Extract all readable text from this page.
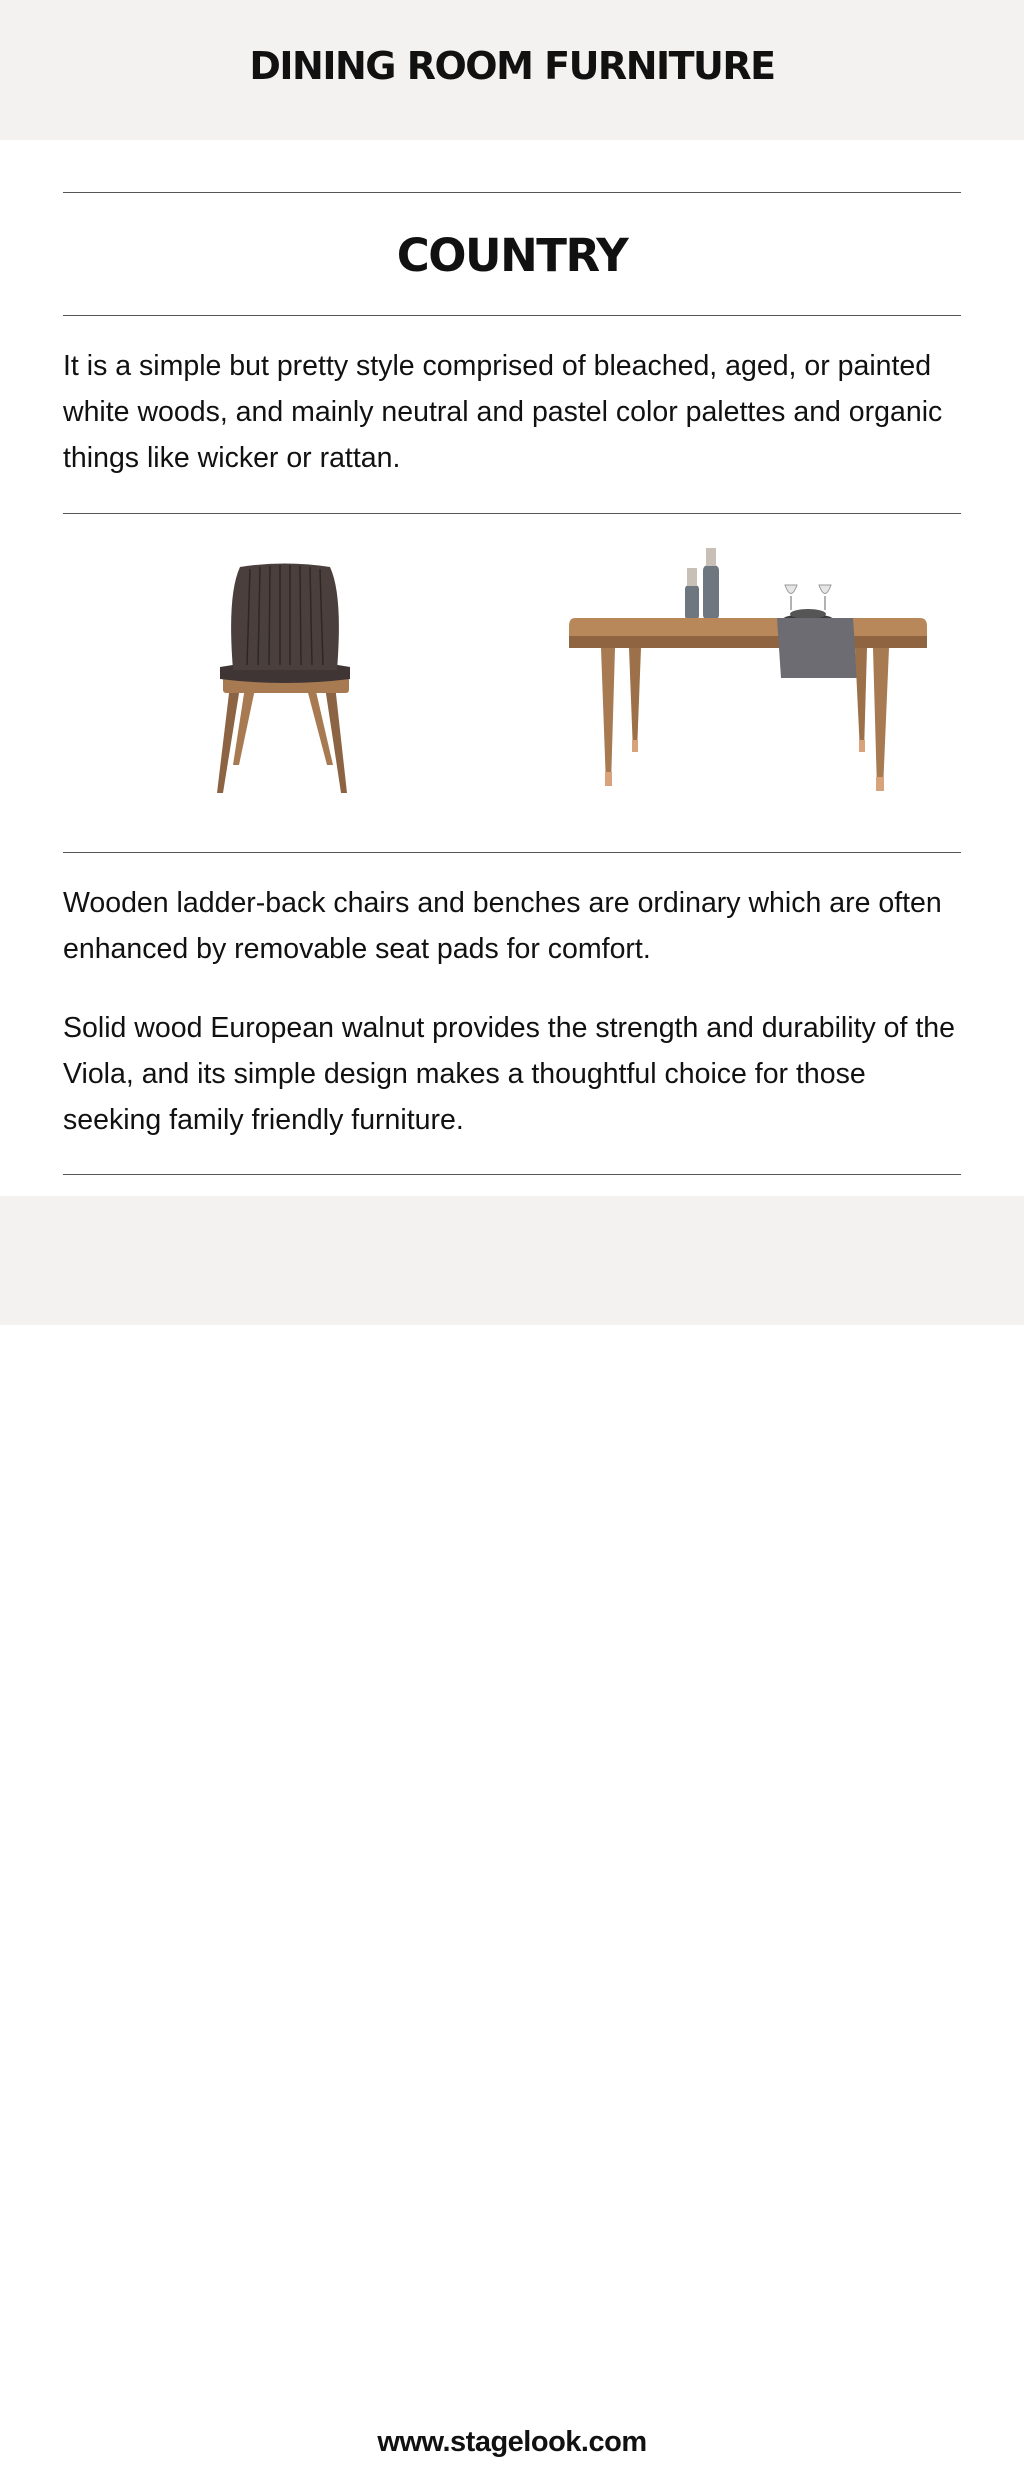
DINING ROOM FURNITURE
COUNTRY

It is a simple but pretty style comprised of bleached, aged, or painted white woods, and mainly neutral and pastel color palettes and organic things like wicker or rattan.

Wooden ladder-back chairs and benches are ordinary which are often enhanced by removable seat pads for comfort.

Solid wood European walnut provides the strength and durability of the Viola, and its simple design makes a thoughtful choice for those seeking family friendly furniture.

www.stagelook.com
Page 7
